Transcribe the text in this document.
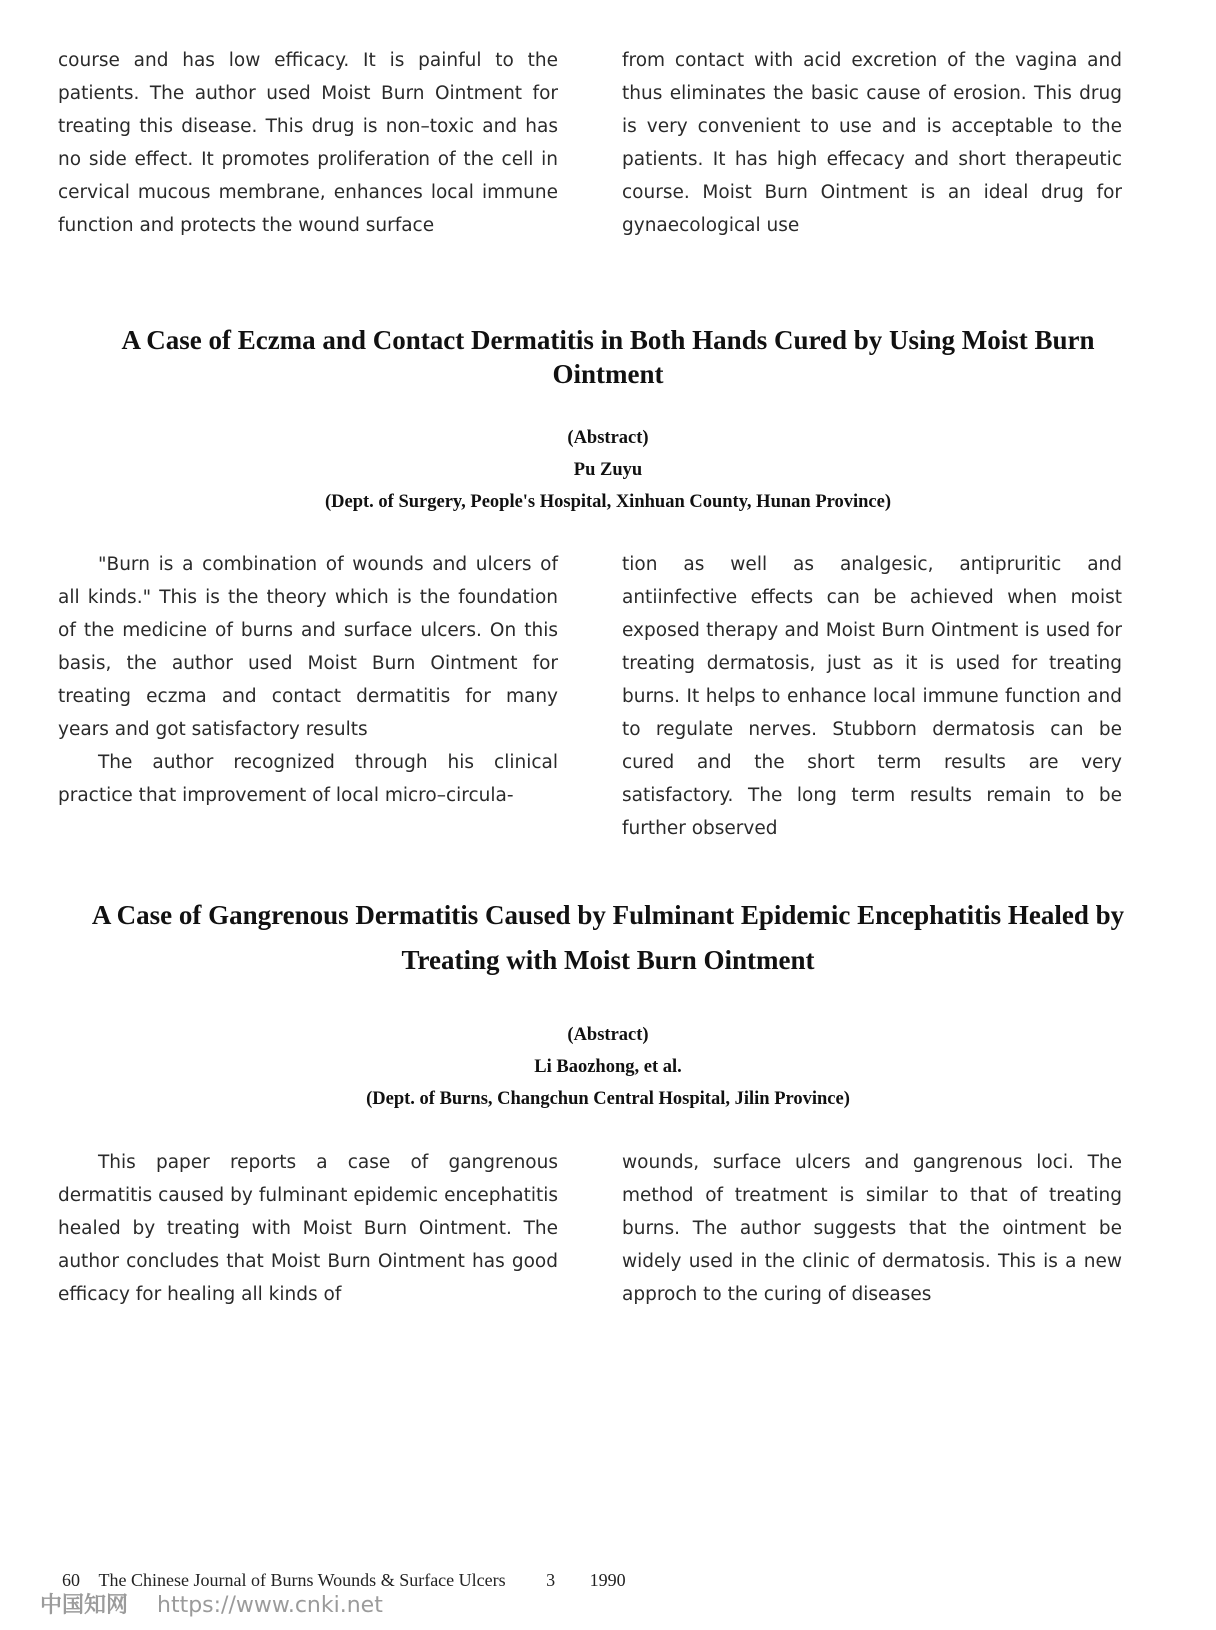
course and has low efficacy. It is painful to the patients. The author used Moist Burn Ointment for treating this disease. This drug is non–toxic and has no side effect. It promotes proliferation of the cell in cervical mucous membrane, enhances local immune function and protects the wound surface

from contact with acid excretion of the vagina and thus eliminates the basic cause of erosion. This drug is very convenient to use and is acceptable to the patients. It has high effecacy and short therapeutic course. Moist Burn Ointment is an ideal drug for gynaecological use

A Case of Eczma and Contact Dermatitis in Both Hands Cured by Using Moist Burn Ointment
(Abstract)
Pu Zuyu
(Dept. of Surgery, People's Hospital, Xinhuan County, Hunan Province)

"Burn is a combination of wounds and ulcers of all kinds." This is the theory which is the foundation of the medicine of burns and surface ulcers. On this basis, the author used Moist Burn Ointment for treating eczma and contact dermatitis for many years and got satisfactory results

The author recognized through his clinical practice that improvement of local micro–circula-

tion as well as analgesic, antipruritic and antiinfective effects can be achieved when moist exposed therapy and Moist Burn Ointment is used for treating dermatosis, just as it is used for treating burns. It helps to enhance local immune function and to regulate nerves. Stubborn dermatosis can be cured and the short term results are very satisfactory. The long term results remain to be further observed

A Case of Gangrenous Dermatitis Caused by Fulminant Epidemic Encephatitis Healed by Treating with Moist Burn Ointment
(Abstract)
Li Baozhong, et al.
(Dept. of Burns, Changchun Central Hospital, Jilin Province)

This paper reports a case of gangrenous dermatitis caused by fulminant epidemic encephatitis healed by treating with Moist Burn Ointment. The author concludes that Moist Burn Ointment has good efficacy for healing all kinds of

wounds, surface ulcers and gangrenous loci. The method of treatment is similar to that of treating burns. The author suggests that the ointment be widely used in the clinic of dermatosis. This is a new approch to the curing of diseases

60 The Chinese Journal of Burns Wounds & Surface Ulcers 3 1990
中国知网 https://www.cnki.net
